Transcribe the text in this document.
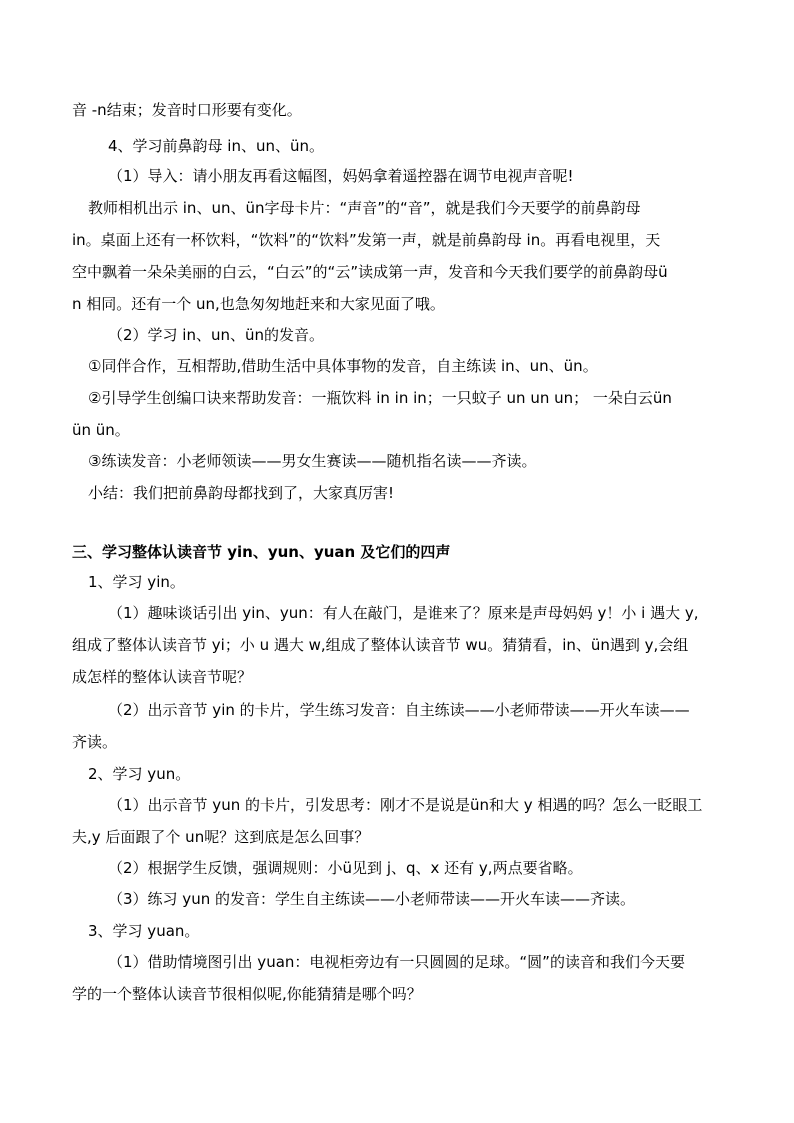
音 -n结束；发音时口形要有变化。
4、学习前鼻韵母 in、un、ün。
（1）导入：请小朋友再看这幅图，妈妈拿着遥控器在调节电视声音呢!
教师相机出示 in、un、ün字母卡片：“声音”的“音”，就是我们今天要学的前鼻韵母
in。桌面上还有一杯饮料，“饮料”的“饮料”发第一声，就是前鼻韵母 in。再看电视里，天
空中飘着一朵朵美丽的白云，“白云”的“云”读成第一声，发音和今天我们要学的前鼻韵母ü
n 相同。还有一个 un,也急匆匆地赶来和大家见面了哦。
（2）学习 in、un、ün的发音。
①同伴合作，互相帮助,借助生活中具体事物的发音，自主练读 in、un、ün。
②引导学生创编口诀来帮助发音：一瓶饮料 in in in；一只蚊子 un un un； 一朵白云ün
ün ün。
③练读发音：小老师领读——男女生赛读——随机指名读——齐读。
小结：我们把前鼻韵母都找到了，大家真厉害!
三、学习整体认读音节 yin、yun、yuan 及它们的四声
1、学习 yin。
（1）趣味谈话引出 yin、yun：有人在敲门，是谁来了？原来是声母妈妈 y！小 i 遇大 y,
组成了整体认读音节 yi；小 u 遇大 w,组成了整体认读音节 wu。猜猜看，in、ün遇到 y,会组
成怎样的整体认读音节呢？
（2）出示音节 yin 的卡片，学生练习发音：自主练读——小老师带读——开火车读——
齐读。
2、学习 yun。
（1）出示音节 yun 的卡片，引发思考：刚才不是说是ün和大 y 相遇的吗？怎么一眨眼工
夫,y 后面跟了个 un呢？这到底是怎么回事？
（2）根据学生反馈，强调规则：小ü见到 j、q、x 还有 y,两点要省略。
（3）练习 yun 的发音：学生自主练读——小老师带读——开火车读——齐读。
3、学习 yuan。
（1）借助情境图引出 yuan：电视柜旁边有一只圆圆的足球。“圆”的读音和我们今天要
学的一个整体认读音节很相似呢,你能猜猜是哪个吗？
